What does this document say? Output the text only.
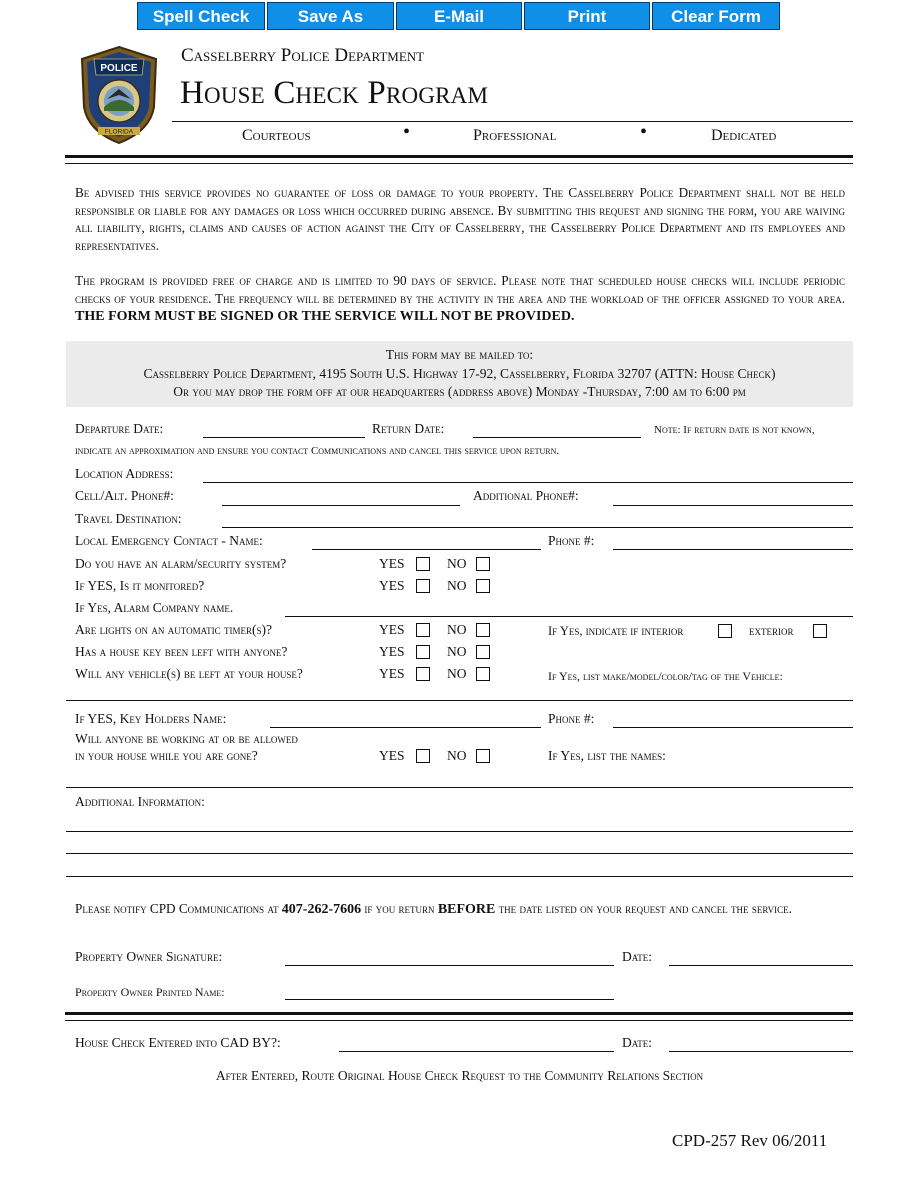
Spell Check	Save As	E-Mail	Print	Clear Form
POLICE
FLORIDA
Casselberry Police Department
House Check Program
Courteous	•	Professional	•	Dedicated

Be advised this service provides no guarantee of loss or damage to your property. The Casselberry Police Department shall not be held responsible or liable for any damages or loss which occurred during absence. By submitting this request and signing the form, you are waiving all liability, rights, claims and causes of action against the City of Casselberry, the Casselberry Police Department and its employees and representatives.

The program is provided free of charge and is limited to 90 days of service. Please note that scheduled house checks will include periodic checks of your residence. The frequency will be determined by the activity in the area and the workload of the officer assigned to your area. THE FORM MUST BE SIGNED OR THE SERVICE WILL NOT BE PROVIDED.

This form may be mailed to:
Casselberry Police Department, 4195 South U.S. Highway 17-92, Casselberry, Florida 32707 (ATTN: House Check)
Or you may drop the form off at our headquarters (address above) Monday -Thursday, 7:00 am to 6:00 pm
Departure Date:	Return Date:	Note: If return date is not known,
indicate an approximation and ensure you contact Communications and cancel this service upon return.
Location Address:
Cell/Alt. Phone#:	Additional Phone#:
Travel Destination:
Local Emergency Contact - Name:	Phone #:
Do you have an alarm/security system?	YES	NO
If YES, Is it monitored?	YES	NO
If Yes, Alarm Company name.
Are lights on an automatic timer(s)?	YES	NO	If Yes, indicate if interior	exterior
Has a house key been left with anyone?	YES	NO
Will any vehicle(s) be left at your house?	YES	NO	If Yes, list make/model/color/tag of the Vehicle:
If YES, Key Holders Name:	Phone #:
Will anyone be working at or be allowed
in your house while you are gone?	YES	NO	If Yes, list the names:
Additional Information:

Please notify CPD Communications at 407-262-7606 if you return BEFORE the date listed on your request and cancel the service.

Property Owner Signature:	Date:
Property Owner Printed Name:
House Check Entered into CAD BY?:	Date:
After Entered, Route Original House Check Request to the Community Relations Section
CPD-257 Rev 06/2011
